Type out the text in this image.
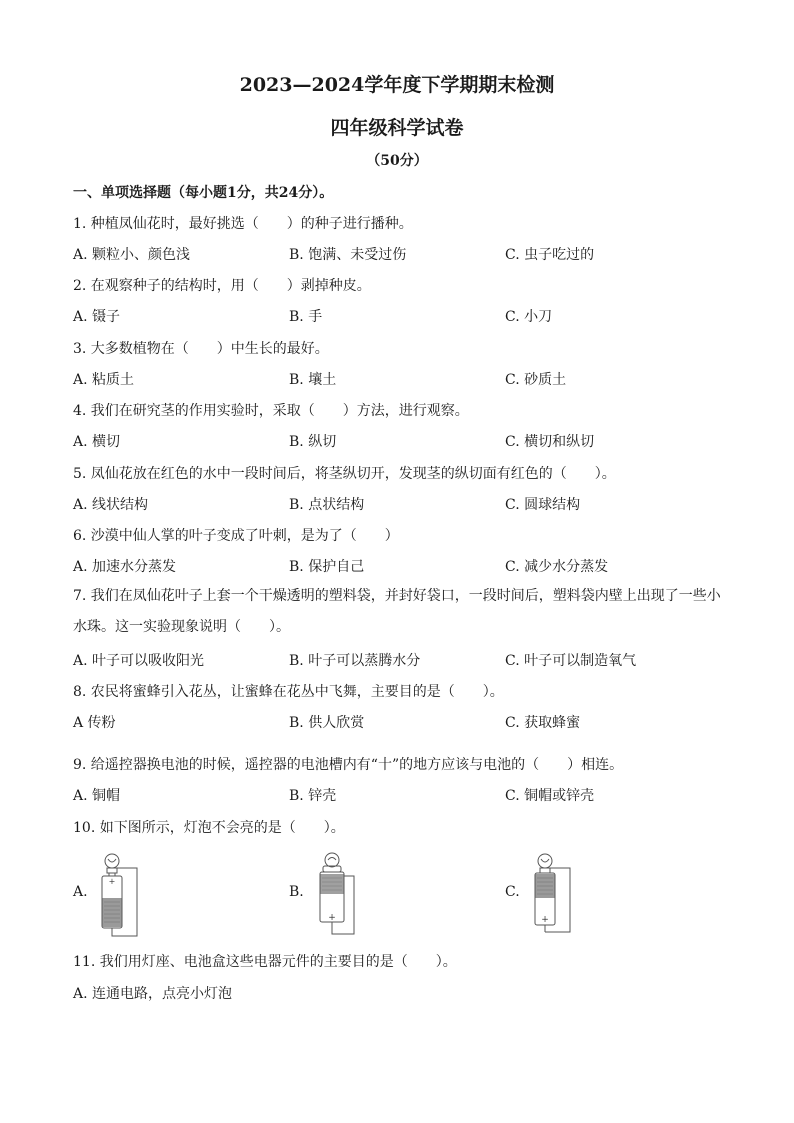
2023—2024学年度下学期期末检测
四年级科学试卷
（50分）
一、单项选择题（每小题1分，共24分）。
1. 种植凤仙花时，最好挑选（　　）的种子进行播种。
A. 颗粒小、颜色浅	B. 饱满、未受过伤	C. 虫子吃过的
2. 在观察种子的结构时，用（　　）剥掉种皮。
A. 镊子	B. 手	C. 小刀
3. 大多数植物在（　　）中生长的最好。
A. 粘质土	B. 壤土	C. 砂质土
4. 我们在研究茎的作用实验时，采取（　　）方法，进行观察。
A. 横切	B. 纵切	C. 横切和纵切
5. 凤仙花放在红色的水中一段时间后，将茎纵切开，发现茎的纵切面有红色的（　　）。
A. 线状结构	B. 点状结构	C. 圆球结构
6. 沙漠中仙人掌的叶子变成了叶刺，是为了（　　）
A. 加速水分蒸发	B. 保护自己	C. 减少水分蒸发
7. 我们在凤仙花叶子上套一个干燥透明的塑料袋，并封好袋口，一段时间后，塑料袋内壁上出现了一些小水珠。这一实验现象说明（　　）。
A. 叶子可以吸收阳光	B. 叶子可以蒸腾水分	C. 叶子可以制造氧气
8. 农民将蜜蜂引入花丛，让蜜蜂在花丛中飞舞，主要目的是（　　）。
A 传粉	B. 供人欣赏	C. 获取蜂蜜
9. 给遥控器换电池的时候，遥控器的电池槽内有“十”的地方应该与电池的（　　）相连。
A. 铜帽	B. 锌壳	C. 铜帽或锌壳
10. 如下图所示，灯泡不会亮的是（　　）。
A.	B.	C.
+
+	+
11. 我们用灯座、电池盒这些电器元件的主要目的是（　　）。
A. 连通电路，点亮小灯泡
